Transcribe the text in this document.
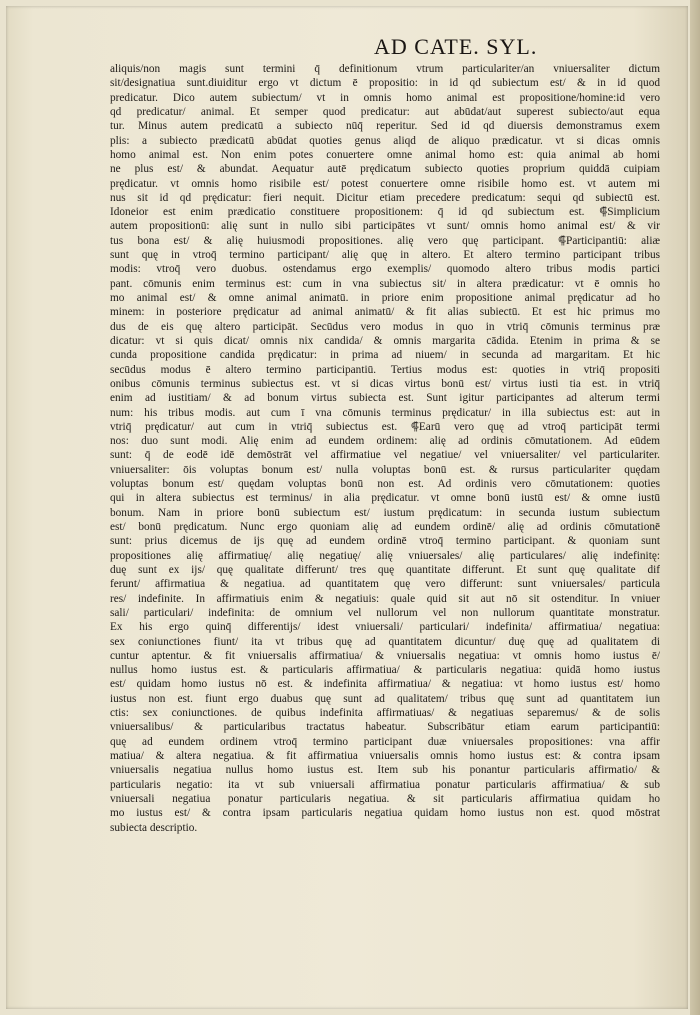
AD CATE. SYL.
aliquis/non magis sunt termini q̄ definitionum vtrum particulariter/an vniuersaliter dictum
sit/designatiua sunt.diuiditur ergo vt dictum ē propositio: in id qd subiectum est/ & in id quod
predicatur. Dico autem subiectum/ vt in omnis homo animal est propositione/homine:id vero
qd predicatur/ animal. Et semper quod predicatur: aut abūdat/aut superest subiecto/aut equa
tur. Minus autem predicatū a subiecto nūq̄ reperitur. Sed id qd diuersis demonstramus exem
plis: a subiecto prædicatū abūdat quoties genus aliqd de aliquo prædicatur. vt si dicas omnis
homo animal est. Non enim potes conuertere omne animal homo est: quia animal ab homi
ne plus est/ & abundat. Aequatur autē prędicatum subiecto quoties proprium quiddā cuipiam
prędicatur. vt omnis homo risibile est/ potest conuertere omne risibile homo est. vt autem mi
nus sit id qd prędicatur: fieri nequit. Dicitur etiam precedere predicatum: sequi qd subiectū est.
Idoneior est enim prædicatio constituere propositionem: q̄ id qd subiectum est. ⸿Simplicium
autem propositionū: alię sunt in nullo sibi participātes vt sunt/ omnis homo animal est/ & vir
tus bona est/ & alię huiusmodi propositiones. alię vero quę participant. ⸿Participantiū: aliæ
sunt quę in vtroq̄ termino participant/ alię quę in altero. Et altero termino participant tribus
modis: vtroq̄ vero duobus. ostendamus ergo exemplis/ quomodo altero tribus modis partici
pant. cōmunis enim terminus est: cum in vna subiectus sit/ in altera prædicatur: vt ē omnis ho
mo animal est/ & omne animal animatū. in priore enim propositione animal prędicatur ad ho
minem: in posteriore prędicatur ad animal animatū/ & fit alias subiectū. Et est hic primus mo
dus de eis quę altero participāt. Secūdus vero modus in quo in vtriq̄ cōmunis terminus præ
dicatur: vt si quis dicat/ omnis nix candida/ & omnis margarita cādida. Etenim in prima & se
cunda propositione candida prędicatur: in prima ad niuem/ in secunda ad margaritam. Et hic
secūdus modus ē altero termino participantiū. Tertius modus est: quoties in vtriq̄ propositi
onibus cōmunis terminus subiectus est. vt si dicas virtus bonū est/ virtus iusti tia est. in vtriq̄
enim ad iustitiam/ & ad bonum virtus subiecta est. Sunt igitur participantes ad alterum termi
num: his tribus modis. aut cum ī vna cōmunis terminus prędicatur/ in illa subiectus est: aut in
vtriq̄ prędicatur/ aut cum in vtriq̄ subiectus est. ⸿Earū vero quę ad vtroq̄ participāt termi
nos: duo sunt modi. Alię enim ad eundem ordinem: alię ad ordinis cōmutationem. Ad eūdem
sunt: q̄ de eodē idē demōstrāt vel affirmatiue vel negatiue/ vel vniuersaliter/ vel particulariter.
vniuersaliter: ōis voluptas bonum est/ nulla voluptas bonū est. & rursus particulariter quędam
voluptas bonum est/ quędam voluptas bonū non est. Ad ordinis vero cōmutationem: quoties
qui in altera subiectus est terminus/ in alia prędicatur. vt omne bonū iustū est/ & omne iustū
bonum. Nam in priore bonū subiectum est/ iustum prędicatum: in secunda iustum subiectum
est/ bonū prędicatum. Nunc ergo quoniam alię ad eundem ordinē/ alię ad ordinis cōmutationē
sunt: prius dicemus de ijs quę ad eundem ordinē vtroq̄ termino participant. & quoniam sunt
propositiones alię affirmatiuę/ alię negatiuę/ alię vniuersales/ alię particulares/ alię indefinitę:
duę sunt ex ijs/ quę qualitate differunt/ tres quę quantitate differunt. Et sunt quę qualitate dif
ferunt/ affirmatiua & negatiua. ad quantitatem quę vero differunt: sunt vniuersales/ particula
res/ indefinite. In affirmatiuis enim & negatiuis: quale quid sit aut nō sit ostenditur. In vniuer
sali/ particulari/ indefinita: de omnium vel nullorum vel non nullorum quantitate monstratur.
Ex his ergo quinq̄ differentijs/ idest vniuersali/ particulari/ indefinita/ affirmatiua/ negatiua:
sex coniunctiones fiunt/ ita vt tribus quę ad quantitatem dicuntur/ duę quę ad qualitatem di
cuntur aptentur. & fit vniuersalis affirmatiua/ & vniuersalis negatiua: vt omnis homo iustus ē/
nullus homo iustus est. & particularis affirmatiua/ & particularis negatiua: quidā homo iustus
est/ quidam homo iustus nō est. & indefinita affirmatiua/ & negatiua: vt homo iustus est/ homo
iustus non est. fiunt ergo duabus quę sunt ad qualitatem/ tribus quę sunt ad quantitatem iun
ctis: sex coniunctiones. de quibus indefinita affirmatiuas/ & negatiuas separemus/ & de solis
vniuersalibus/ & particularibus tractatus habeatur. Subscribātur etiam earum participantiū:
quę ad eundem ordinem vtroq̄ termino participant duæ vniuersales propositiones: vna affir
matiua/ & altera negatiua. & fit affirmatiua vniuersalis omnis homo iustus est: & contra ipsam
vniuersalis negatiua nullus homo iustus est. Item sub his ponantur particularis affirmatio/ &
particularis negatio: ita vt sub vniuersali affirmatiua ponatur particularis affirmatiua/ & sub
vniuersali negatiua ponatur particularis negatiua. & sit particularis affirmatiua quidam ho
mo iustus est/ & contra ipsam particularis negatiua quidam homo iustus non est. quod mōstrat
subiecta descriptio.
